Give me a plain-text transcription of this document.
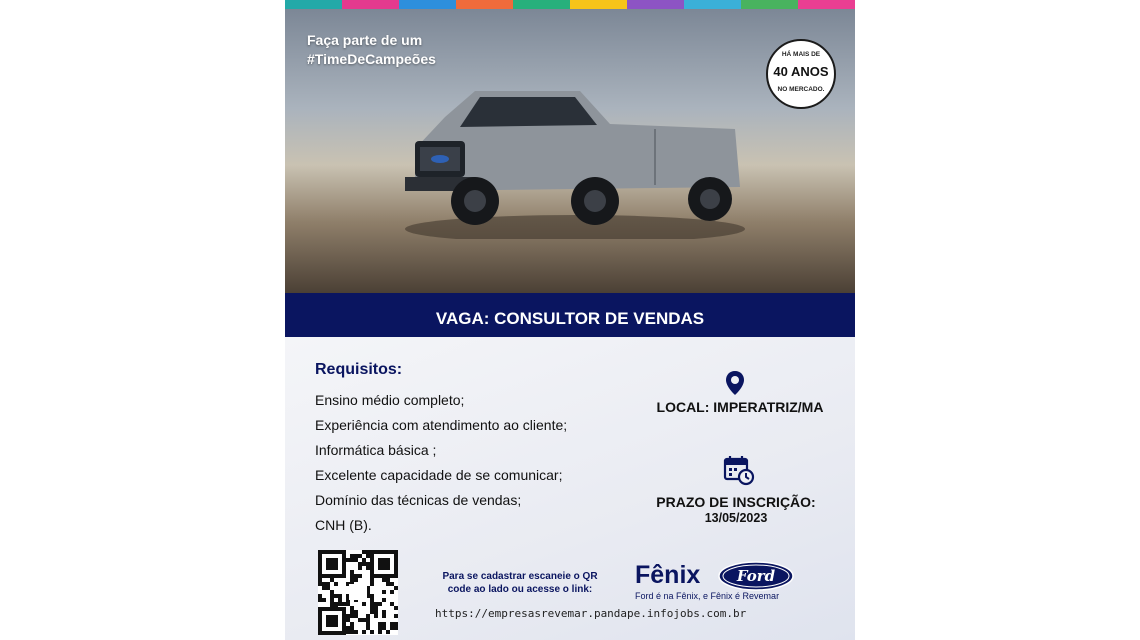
Faça parte de um
#TimeDeCampeões	HÁ MAIS DE
40 ANOS
NO MERCADO.
VAGA: CONSULTOR DE VENDAS
Requisitos:
Ensino médio completo;
Experiência com atendimento ao cliente;
Informática básica ;
Excelente capacidade de se comunicar;
Domínio das técnicas de vendas;
CNH (B).
LOCAL: IMPERATRIZ/MA
PRAZO DE INSCRIÇÃO:
13/05/2023
Para se cadastrar escaneie o QR code ao lado ou acesse o link:
https://empresasrevemar.pandape.infojobs.com.br
Fênix Ford
Ford é na Fênix, e Fênix é Revemar
